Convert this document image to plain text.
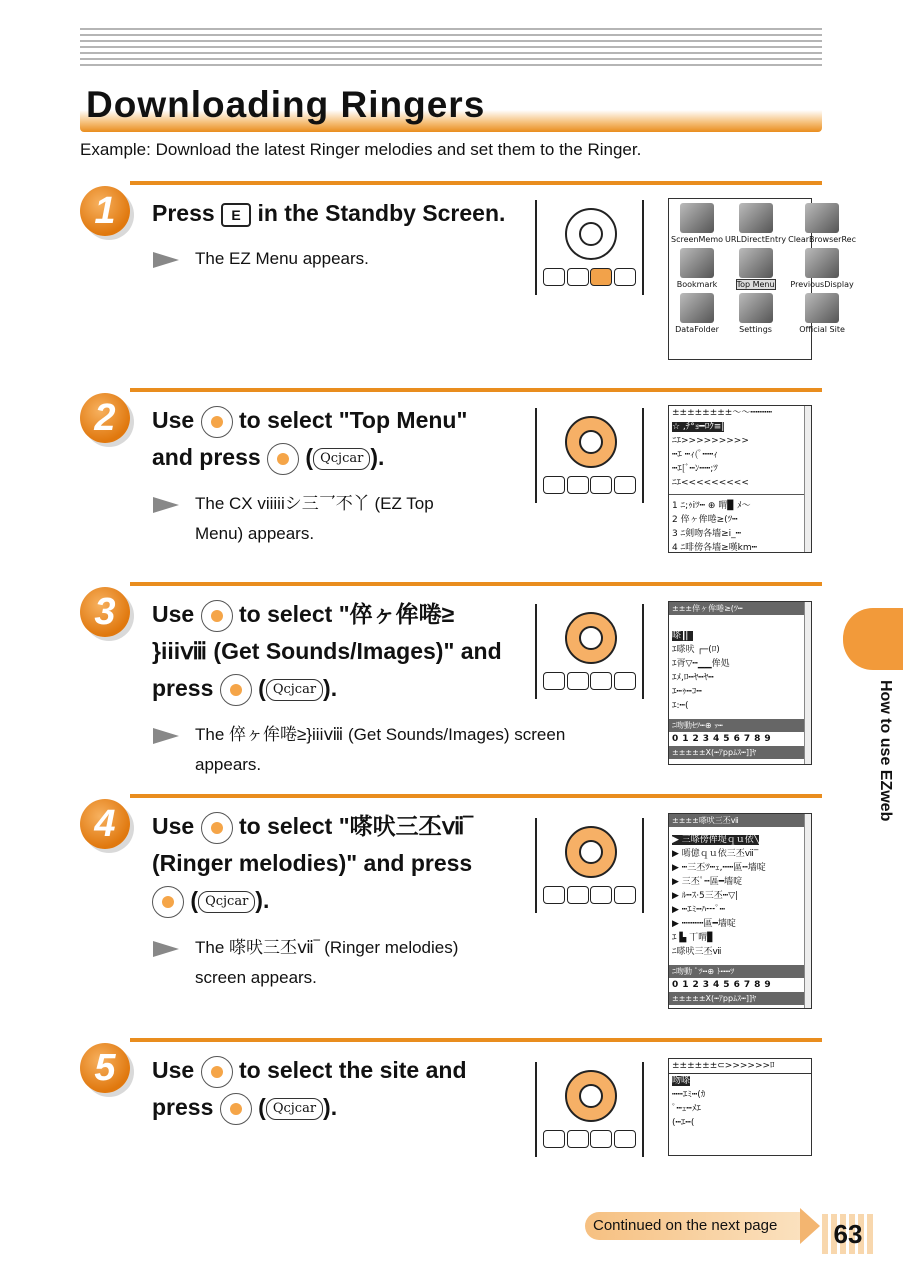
Downloading Ringers
Example: Download the latest Ringer melodies and set them to the Ringer.
1	Press E in the Standby Screen.
The EZ Menu appears.
ScreenMemo URLDirectEntry ClearBrowserRec
Bookmark	Top Menu	PreviousDisplay
DataFolder	Settings	Official Site
2	Use to select "Top Menu"
and press  ( Qcjcar ).
The CX viiiiiシ三乛不丫 (EZ Top
Menu) appears.
±±±±±±±±〜〜┅┅┅┅
☆ ,ﾁ°ｮ━ﾛｸ≡|
ﾆｴ>>>>>>>>>
┅ｴ ┅ｨ(ﾟ┅┅ｨ
┅ｴ[ﾞ┅ﾝ┅┅;ﾂ
ﾆｴ<<<<<<<<<
1 ﾆ;ｩiﾂ┅ ⊕ 喟▉ ﾒ〜
2 倅ヶ侔啳≥(ﾂ┅
3 ﾆ剣吻各墻≥i_┅
4 ﾆ啡傍各墻≥嘆km┅
3	Use to select "倅ヶ侔啳≥
}iiiⅷ (Get Sounds/Images)" and
press  ( Qcjcar ).
The 倅ヶ侔啳≥}iiiⅷ (Get Sounds/Images) screen
appears.
±±±倅ヶ侔啳≥(ﾂ┅
嗏┃▏
ｴ嗏吠 ┌─(ﾛ)
ｴ胥▽┅▁▁侔処
ｴﾒ,ﾛ┅ﾔ┅ﾔ┅
ｴ┅ｩ┅ｺ┅
ｴ:┅(
ﾆ吻動ｾﾂ┅⊕ ｯ┅
0123456789
±±±±±X(┅ｱppﾑｽ┅]]ﾔ
4	Use to select "嗏吠三丕ⅶ‾
(Ringer melodies)" and press
( Qcjcar ).
The 嗏吠三丕ⅶ‾ (Ringer melodies)
screen appears.
±±±±嗏吠三丕ⅶ
▶ 三嗏傍侔堤ｑｕ依╲
▶ 嘕億ｑｕ依三丕ⅶ‾
▶ ┅三丕ﾂ┅ｪ,┅┅區┅墻啶
▶ 三丕ﾟ┅區━墻啶
▶ ﾙ┅ｽ·5三丕┅▽|
▶ ┅ｴﾐ┅ﾊ┅ﾟ┅
▶ ┅┅┅┅區━墻啶
ｴ ▙ 丅喟▊
ﾆ嗏吠三丕ⅶ
ﾆ吻動 ﾟﾂ┅⊕ ﾄ┅┅ﾂ
0123456789
±±±±±X(┅ｱppﾑｽ┅]]ﾔ
5	Use to select the site and
press  ( Qcjcar ).
±±±±±±⊂>>>>>>ﾛ
吻嗏
┅┅ｴﾐ┅(ｶ
ﾟ┅ｪ┅ﾒｴ
(┅ｴ┅(
How to use EZweb
Continued on the next page	63
